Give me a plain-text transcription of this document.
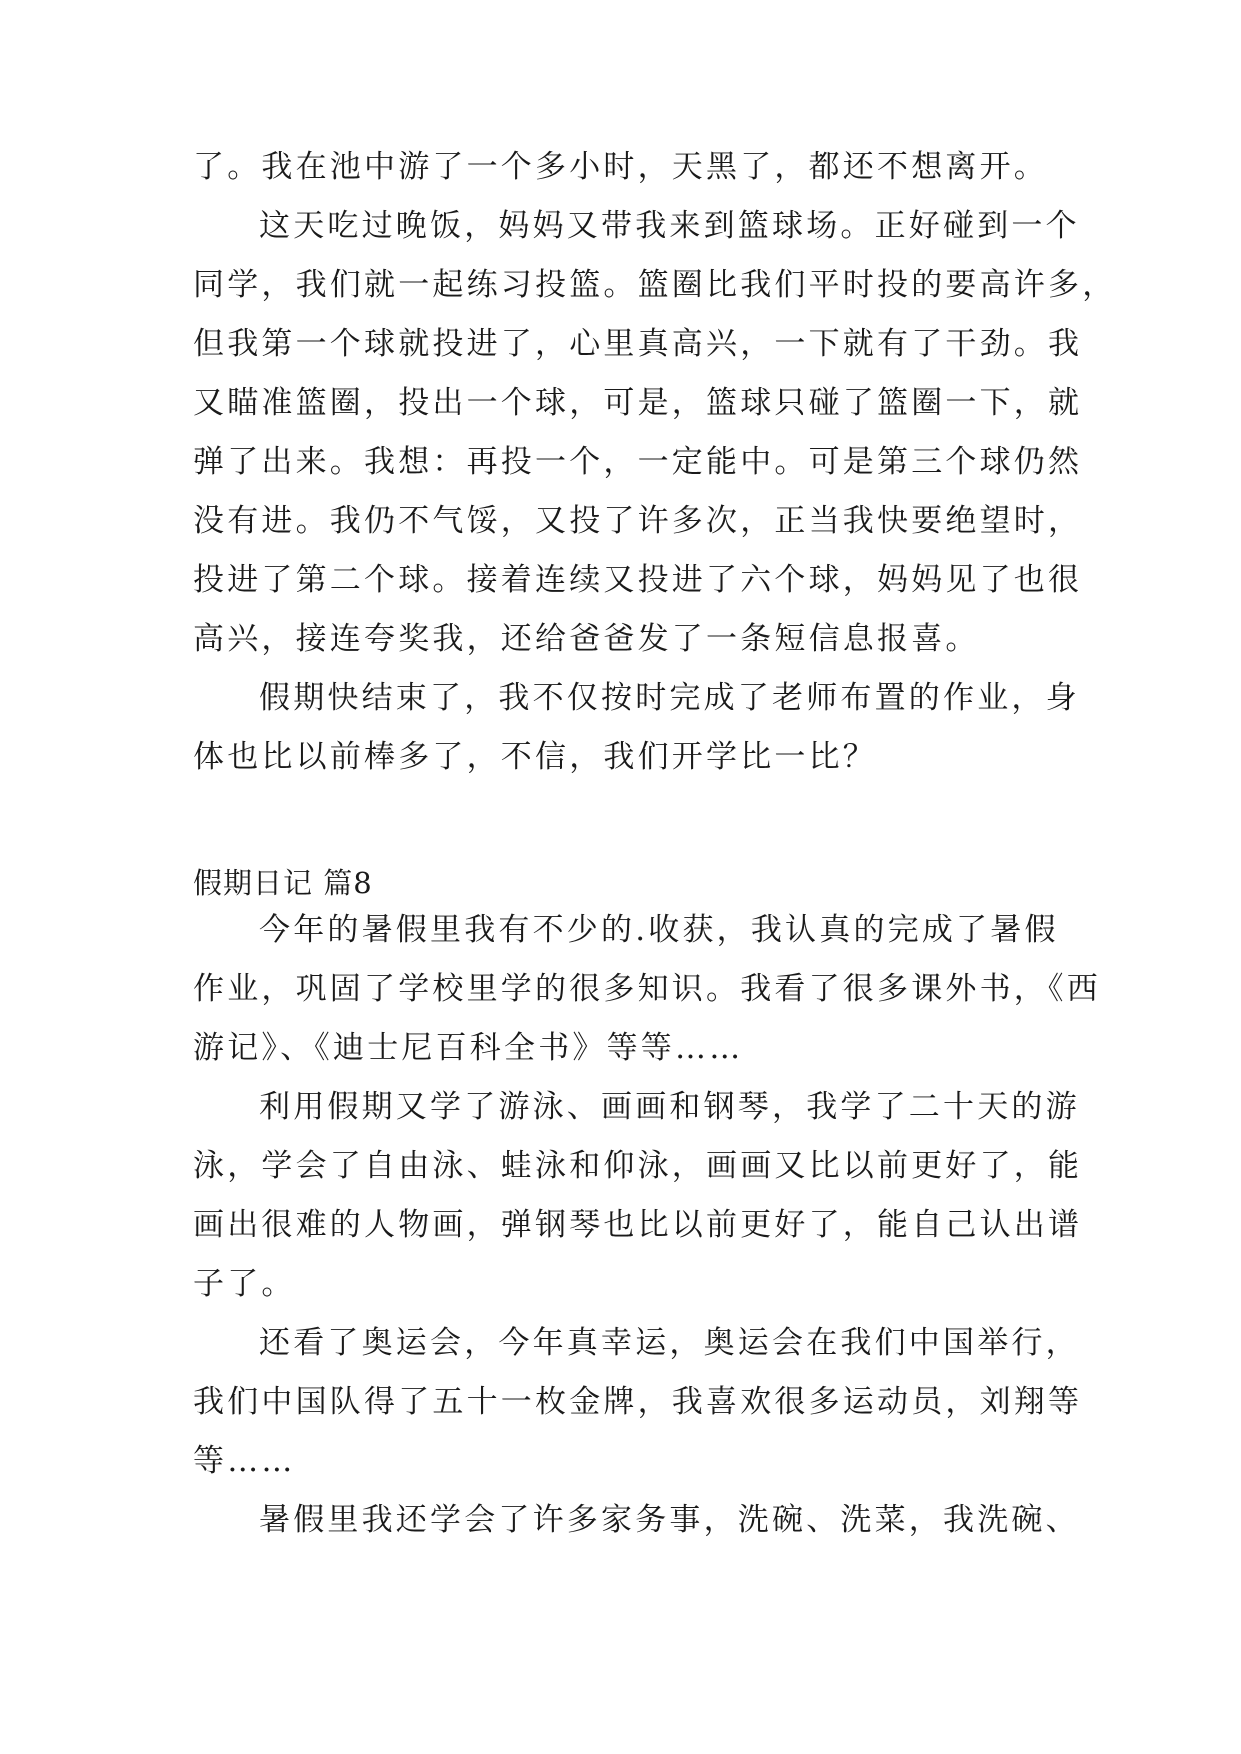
了。我在池中游了一个多小时，天黑了，都还不想离开。
这天吃过晚饭，妈妈又带我来到篮球场。正好碰到一个
同学，我们就一起练习投篮。篮圈比我们平时投的要高许多，
但我第一个球就投进了，心里真高兴，一下就有了干劲。我
又瞄准篮圈，投出一个球，可是，篮球只碰了篮圈一下，就
弹了出来。我想：再投一个，一定能中。可是第三个球仍然
没有进。我仍不气馁，又投了许多次，正当我快要绝望时，
投进了第二个球。接着连续又投进了六个球，妈妈见了也很
高兴，接连夸奖我，还给爸爸发了一条短信息报喜。
假期快结束了，我不仅按时完成了老师布置的作业，身
体也比以前棒多了，不信，我们开学比一比？
假期日记 篇8
今年的暑假里我有不少的.收获，我认真的完成了暑假
作业，巩固了学校里学的很多知识。我看了很多课外书，《西
游记》、《迪士尼百科全书》等等……
利用假期又学了游泳、画画和钢琴，我学了二十天的游
泳，学会了自由泳、蛙泳和仰泳，画画又比以前更好了，能
画出很难的人物画，弹钢琴也比以前更好了，能自己认出谱
子了。
还看了奥运会，今年真幸运，奥运会在我们中国举行，
我们中国队得了五十一枚金牌，我喜欢很多运动员，刘翔等
等……
暑假里我还学会了许多家务事，洗碗、洗菜，我洗碗、
